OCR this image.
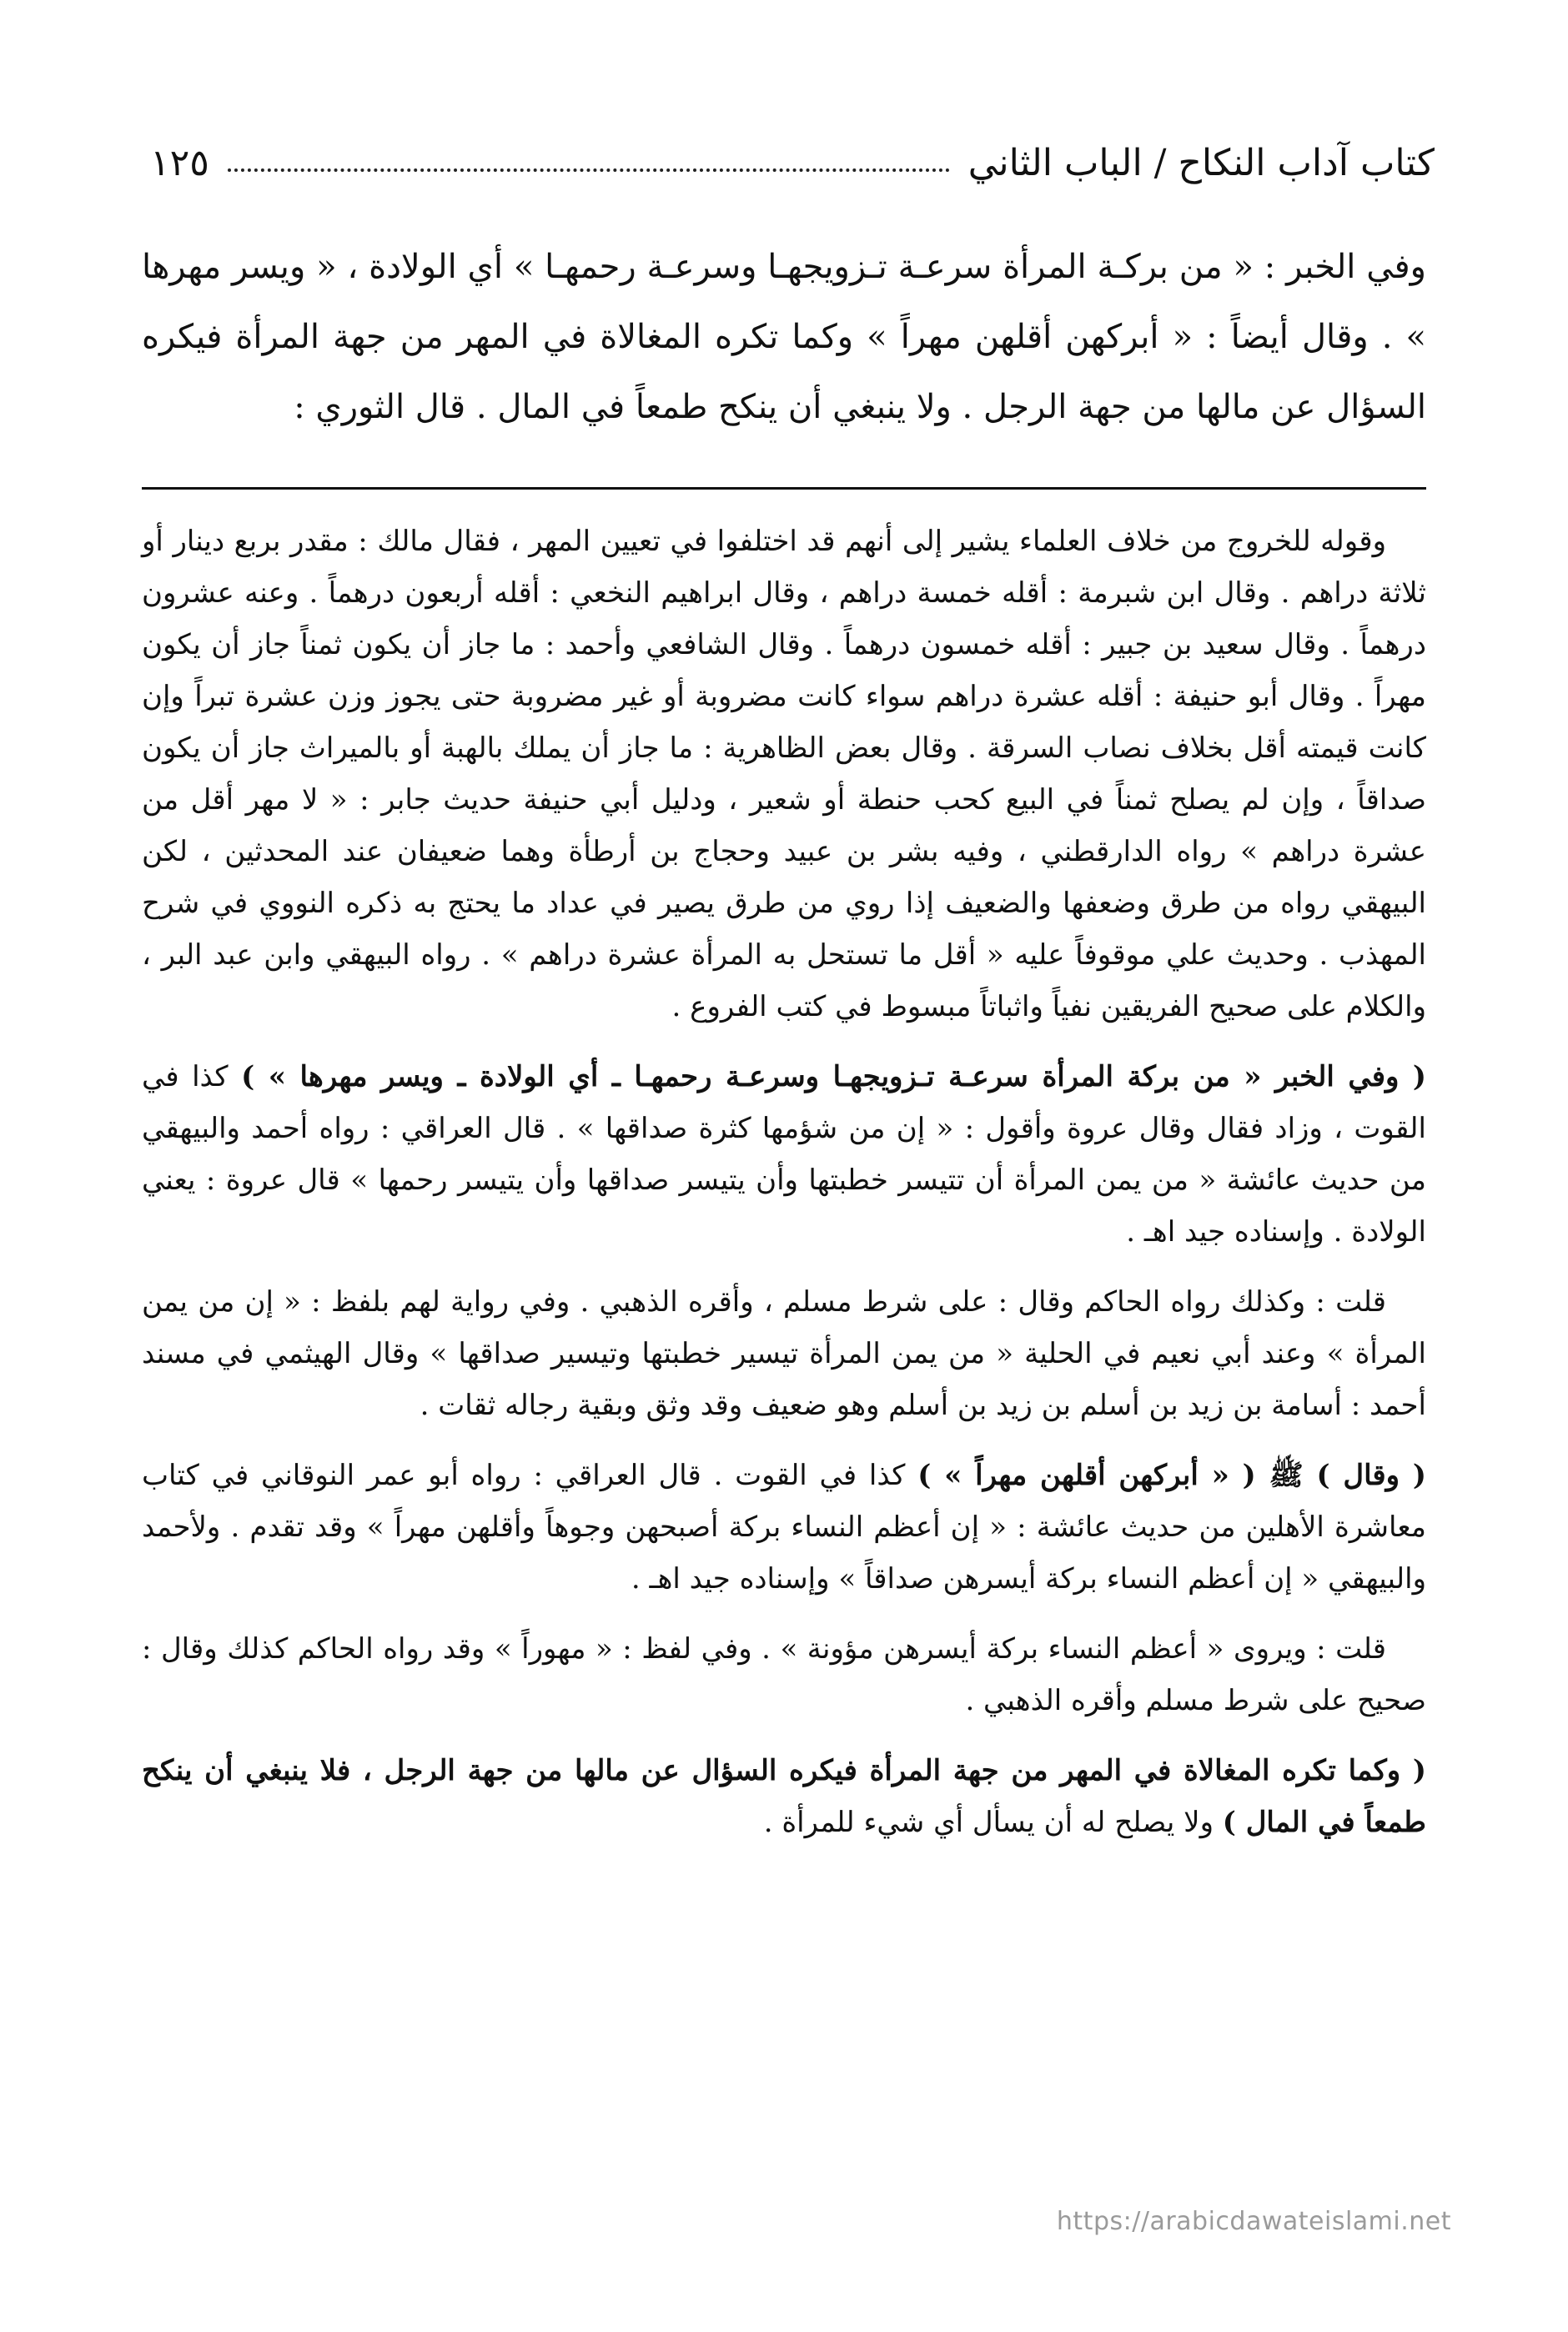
كتاب آداب النكاح / الباب الثاني
١٢٥
وفي الخبر : « من بركـة المرأة سرعـة تـزويجهـا وسرعـة رحمهـا » أي الولادة ، « ويسر مهرها » . وقال أيضاً : « أبركهن أقلهن مهراً » وكما تكره المغالاة في المهر من جهة المرأة فيكره السؤال عن مالها من جهة الرجل . ولا ينبغي أن ينكح طمعاً في المال . قال الثوري :

وقوله للخروج من خلاف العلماء يشير إلى أنهم قد اختلفوا في تعيين المهر ، فقال مالك : مقدر بربع دينار أو ثلاثة دراهم . وقال ابن شبرمة : أقله خمسة دراهم ، وقال ابراهيم النخعي : أقله أربعون درهماً . وعنه عشرون درهماً . وقال سعيد بن جبير : أقله خمسون درهماً . وقال الشافعي وأحمد : ما جاز أن يكون ثمناً جاز أن يكون مهراً . وقال أبو حنيفة : أقله عشرة دراهم سواء كانت مضروبة أو غير مضروبة حتى يجوز وزن عشرة تبراً وإن كانت قيمته أقل بخلاف نصاب السرقة . وقال بعض الظاهرية : ما جاز أن يملك بالهبة أو بالميراث جاز أن يكون صداقاً ، وإن لم يصلح ثمناً في البيع كحب حنطة أو شعير ، ودليل أبي حنيفة حديث جابر : « لا مهر أقل من عشرة دراهم » رواه الدارقطني ، وفيه بشر بن عبيد وحجاج بن أرطأة وهما ضعيفان عند المحدثين ، لكن البيهقي رواه من طرق وضعفها والضعيف إذا روي من طرق يصير في عداد ما يحتج به ذكره النووي في شرح المهذب . وحديث علي موقوفاً عليه « أقل ما تستحل به المرأة عشرة دراهم » . رواه البيهقي وابن عبد البر ، والكلام على صحيح الفريقين نفياً واثباتاً مبسوط في كتب الفروع .

( وفي الخبر « من بركة المرأة سرعـة تـزويجهـا وسرعـة رحمهـا ـ أي الولادة ـ ويسر مهرها » ) كذا في القوت ، وزاد فقال وقال عروة وأقول : « إن من شؤمها كثرة صداقها » . قال العراقي : رواه أحمد والبيهقي من حديث عائشة « من يمن المرأة أن تتيسر خطبتها وأن يتيسر صداقها وأن يتيسر رحمها » قال عروة : يعني الولادة . وإسناده جيد اهـ .

قلت : وكذلك رواه الحاكم وقال : على شرط مسلم ، وأقره الذهبي . وفي رواية لهم بلفظ : « إن من يمن المرأة » وعند أبي نعيم في الحلية « من يمن المرأة تيسير خطبتها وتيسير صداقها » وقال الهيثمي في مسند أحمد : أسامة بن زيد بن أسلم بن زيد بن أسلم وهو ضعيف وقد وثق وبقية رجاله ثقات .

( وقال ) ﷺ ( « أبركهن أقلهن مهراً » ) كذا في القوت . قال العراقي : رواه أبو عمر النوقاني في كتاب معاشرة الأهلين من حديث عائشة : « إن أعظم النساء بركة أصبحهن وجوهاً وأقلهن مهراً » وقد تقدم . ولأحمد والبيهقي « إن أعظم النساء بركة أيسرهن صداقاً » وإسناده جيد اهـ .

قلت : ويروى « أعظم النساء بركة أيسرهن مؤونة » . وفي لفظ : « مهوراً » وقد رواه الحاكم كذلك وقال : صحيح على شرط مسلم وأقره الذهبي .

( وكما تكره المغالاة في المهر من جهة المرأة فيكره السؤال عن مالها من جهة الرجل ، فلا ينبغي أن ينكح طمعاً في المال ) ولا يصلح له أن يسأل أي شيء للمرأة .

https://arabicdawateislami.net
